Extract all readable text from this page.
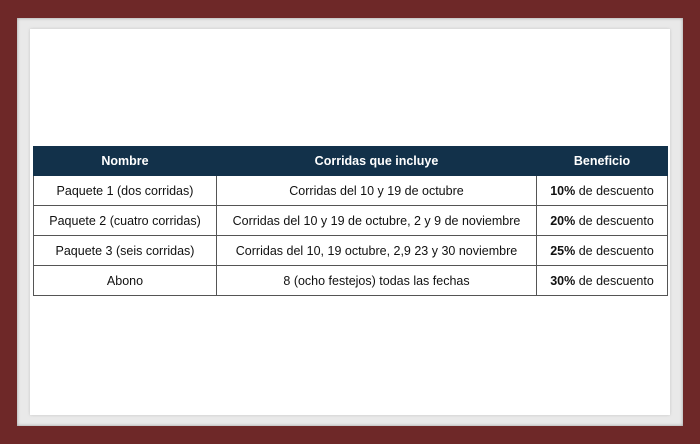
Nombre	Corridas que incluye	Beneficio
Paquete 1 (dos corridas)	Corridas del 10 y 19 de octubre	10% de descuento
Paquete 2 (cuatro corridas)	Corridas del 10 y 19 de octubre, 2 y 9 de noviembre	20% de descuento
Paquete 3 (seis corridas)	Corridas del 10, 19 octubre, 2,9 23 y 30 noviembre	25% de descuento
Abono	8 (ocho festejos) todas las fechas	30% de descuento
